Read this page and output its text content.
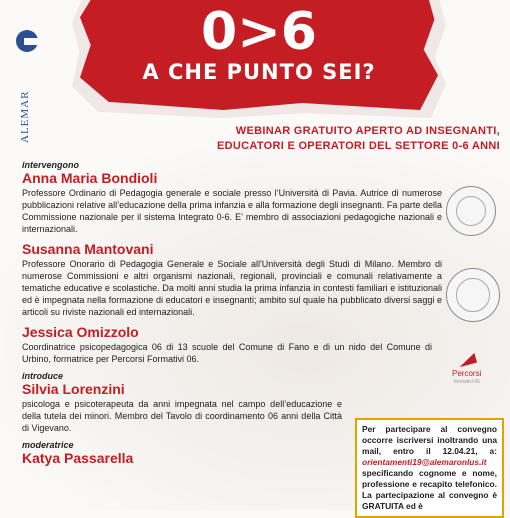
ALEMAR
0>6
A CHE PUNTO SEI?
WEBINAR GRATUITO APERTO AD INSEGNANTI,
EDUCATORI E OPERATORI DEL SETTORE 0-6 ANNI
Percorsi
formativi 06

intervengono

Anna Maria Bondioli

Professore Ordinario di Pedagogia generale e sociale presso l’Università di Pavia. Autrice di numerose pubblicazioni relative all’educazione della prima infanzia e alla formazione degli insegnanti. Fa parte della Commissione nazionale per il sistema Integrato 0-6. E’ membro di associazioni pedagogiche nazionali e internazionali.

Susanna Mantovani

Professore Onorario di Pedagogia Generale e Sociale all'Università degli Studi di Milano. Membro di numerose Commissioni e altri organismi nazionali, regionali, provinciali e comunali relativamente a tematiche educative e scolastiche. Da molti anni studia la prima infanzia in contesti familiari e istituzionali ed è impegnata nella formazione di educatori e insegnanti; ambito sul quale ha pubblicato diversi saggi e articoli su riviste nazionali ed internazionali.

Jessica Omizzolo

Coordinatrice psicopedagogica 06 di 13 scuole del Comune di Fano e di un nido del Comune di Urbino, formatrice per Percorsi Formativi 06.

introduce

Silvia Lorenzini

psicologa e psicoterapeuta da anni impegnata nel campo dell’educazione e della tutela dei minori. Membro del Tavolo di coordinamento 06 anni della Città di Vigevano.

moderatrice

Katya Passarella

Per partecipare al convegno occorre iscriversi inoltrando una mail, entro il 12.04.21, a: orientamenti19@alemaronlus.it specificando cognome e nome, professione e recapito telefonico. La partecipazione al convegno è GRATUITA ed è
